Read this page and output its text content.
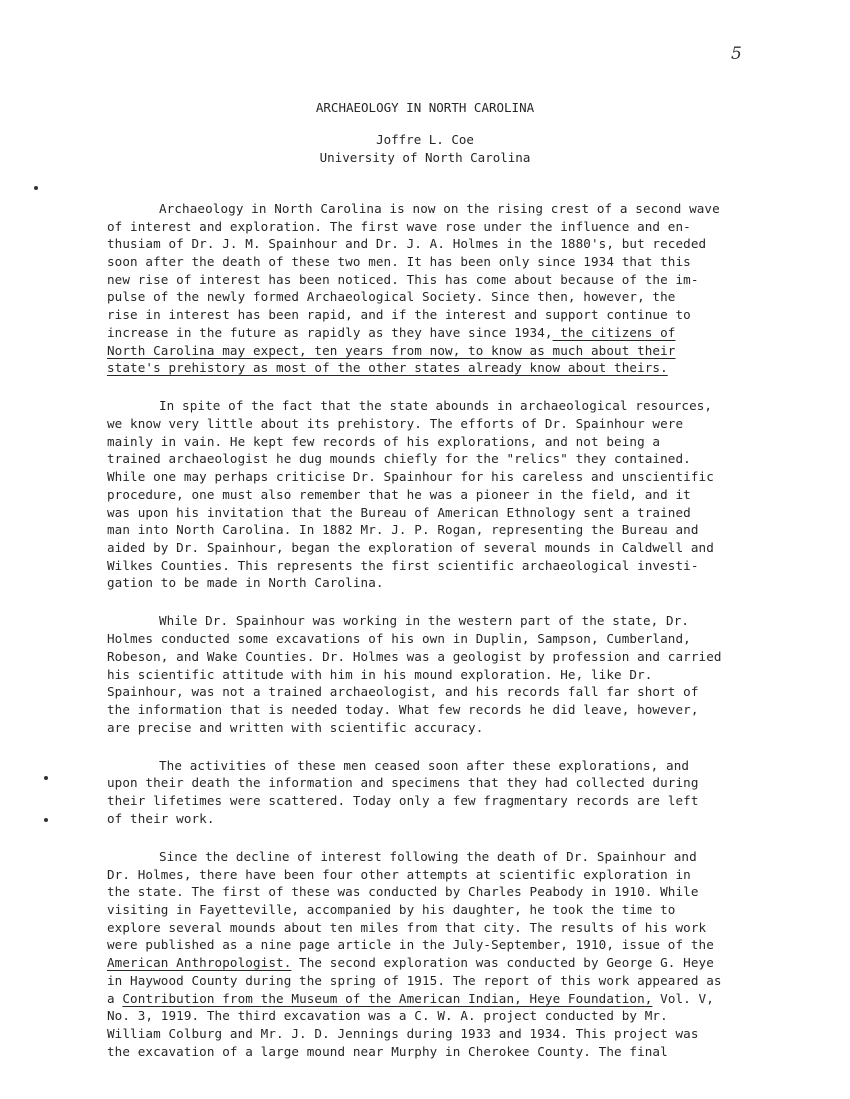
5
ARCHAEOLOGY IN NORTH CAROLINA
Joffre L. Coe
University of North Carolina
Archaeology in North Carolina is now on the rising crest of a second wave
of interest and exploration. The first wave rose under the influence and en-
thusiam of Dr. J. M. Spainhour and Dr. J. A. Holmes in the 1880's, but receded
soon after the death of these two men. It has been only since 1934 that this
new rise of interest has been noticed. This has come about because of the im-
pulse of the newly formed Archaeological Society. Since then, however, the
rise in interest has been rapid, and if the interest and support continue to
increase in the future as rapidly as they have since 1934, the citizens of
North Carolina may expect, ten years from now, to know as much about their
state's prehistory as most of the other states already know about theirs.
In spite of the fact that the state abounds in archaeological resources,
we know very little about its prehistory. The efforts of Dr. Spainhour were
mainly in vain. He kept few records of his explorations, and not being a
trained archaeologist he dug mounds chiefly for the "relics" they contained.
While one may perhaps criticise Dr. Spainhour for his careless and unscientific
procedure, one must also remember that he was a pioneer in the field, and it
was upon his invitation that the Bureau of American Ethnology sent a trained
man into North Carolina. In 1882 Mr. J. P. Rogan, representing the Bureau and
aided by Dr. Spainhour, began the exploration of several mounds in Caldwell and
Wilkes Counties. This represents the first scientific archaeological investi-
gation to be made in North Carolina.
While Dr. Spainhour was working in the western part of the state, Dr.
Holmes conducted some excavations of his own in Duplin, Sampson, Cumberland,
Robeson, and Wake Counties. Dr. Holmes was a geologist by profession and carried
his scientific attitude with him in his mound exploration. He, like Dr.
Spainhour, was not a trained archaeologist, and his records fall far short of
the information that is needed today. What few records he did leave, however,
are precise and written with scientific accuracy.
The activities of these men ceased soon after these explorations, and
upon their death the information and specimens that they had collected during
their lifetimes were scattered. Today only a few fragmentary records are left
of their work.
Since the decline of interest following the death of Dr. Spainhour and
Dr. Holmes, there have been four other attempts at scientific exploration in
the state. The first of these was conducted by Charles Peabody in 1910. While
visiting in Fayetteville, accompanied by his daughter, he took the time to
explore several mounds about ten miles from that city. The results of his work
were published as a nine page article in the July-September, 1910, issue of the
American Anthropologist. The second exploration was conducted by George G. Heye
in Haywood County during the spring of 1915. The report of this work appeared as
a Contribution from the Museum of the American Indian, Heye Foundation, Vol. V,
No. 3, 1919. The third excavation was a C. W. A. project conducted by Mr.
William Colburg and Mr. J. D. Jennings during 1933 and 1934. This project was
the excavation of a large mound near Murphy in Cherokee County. The final
